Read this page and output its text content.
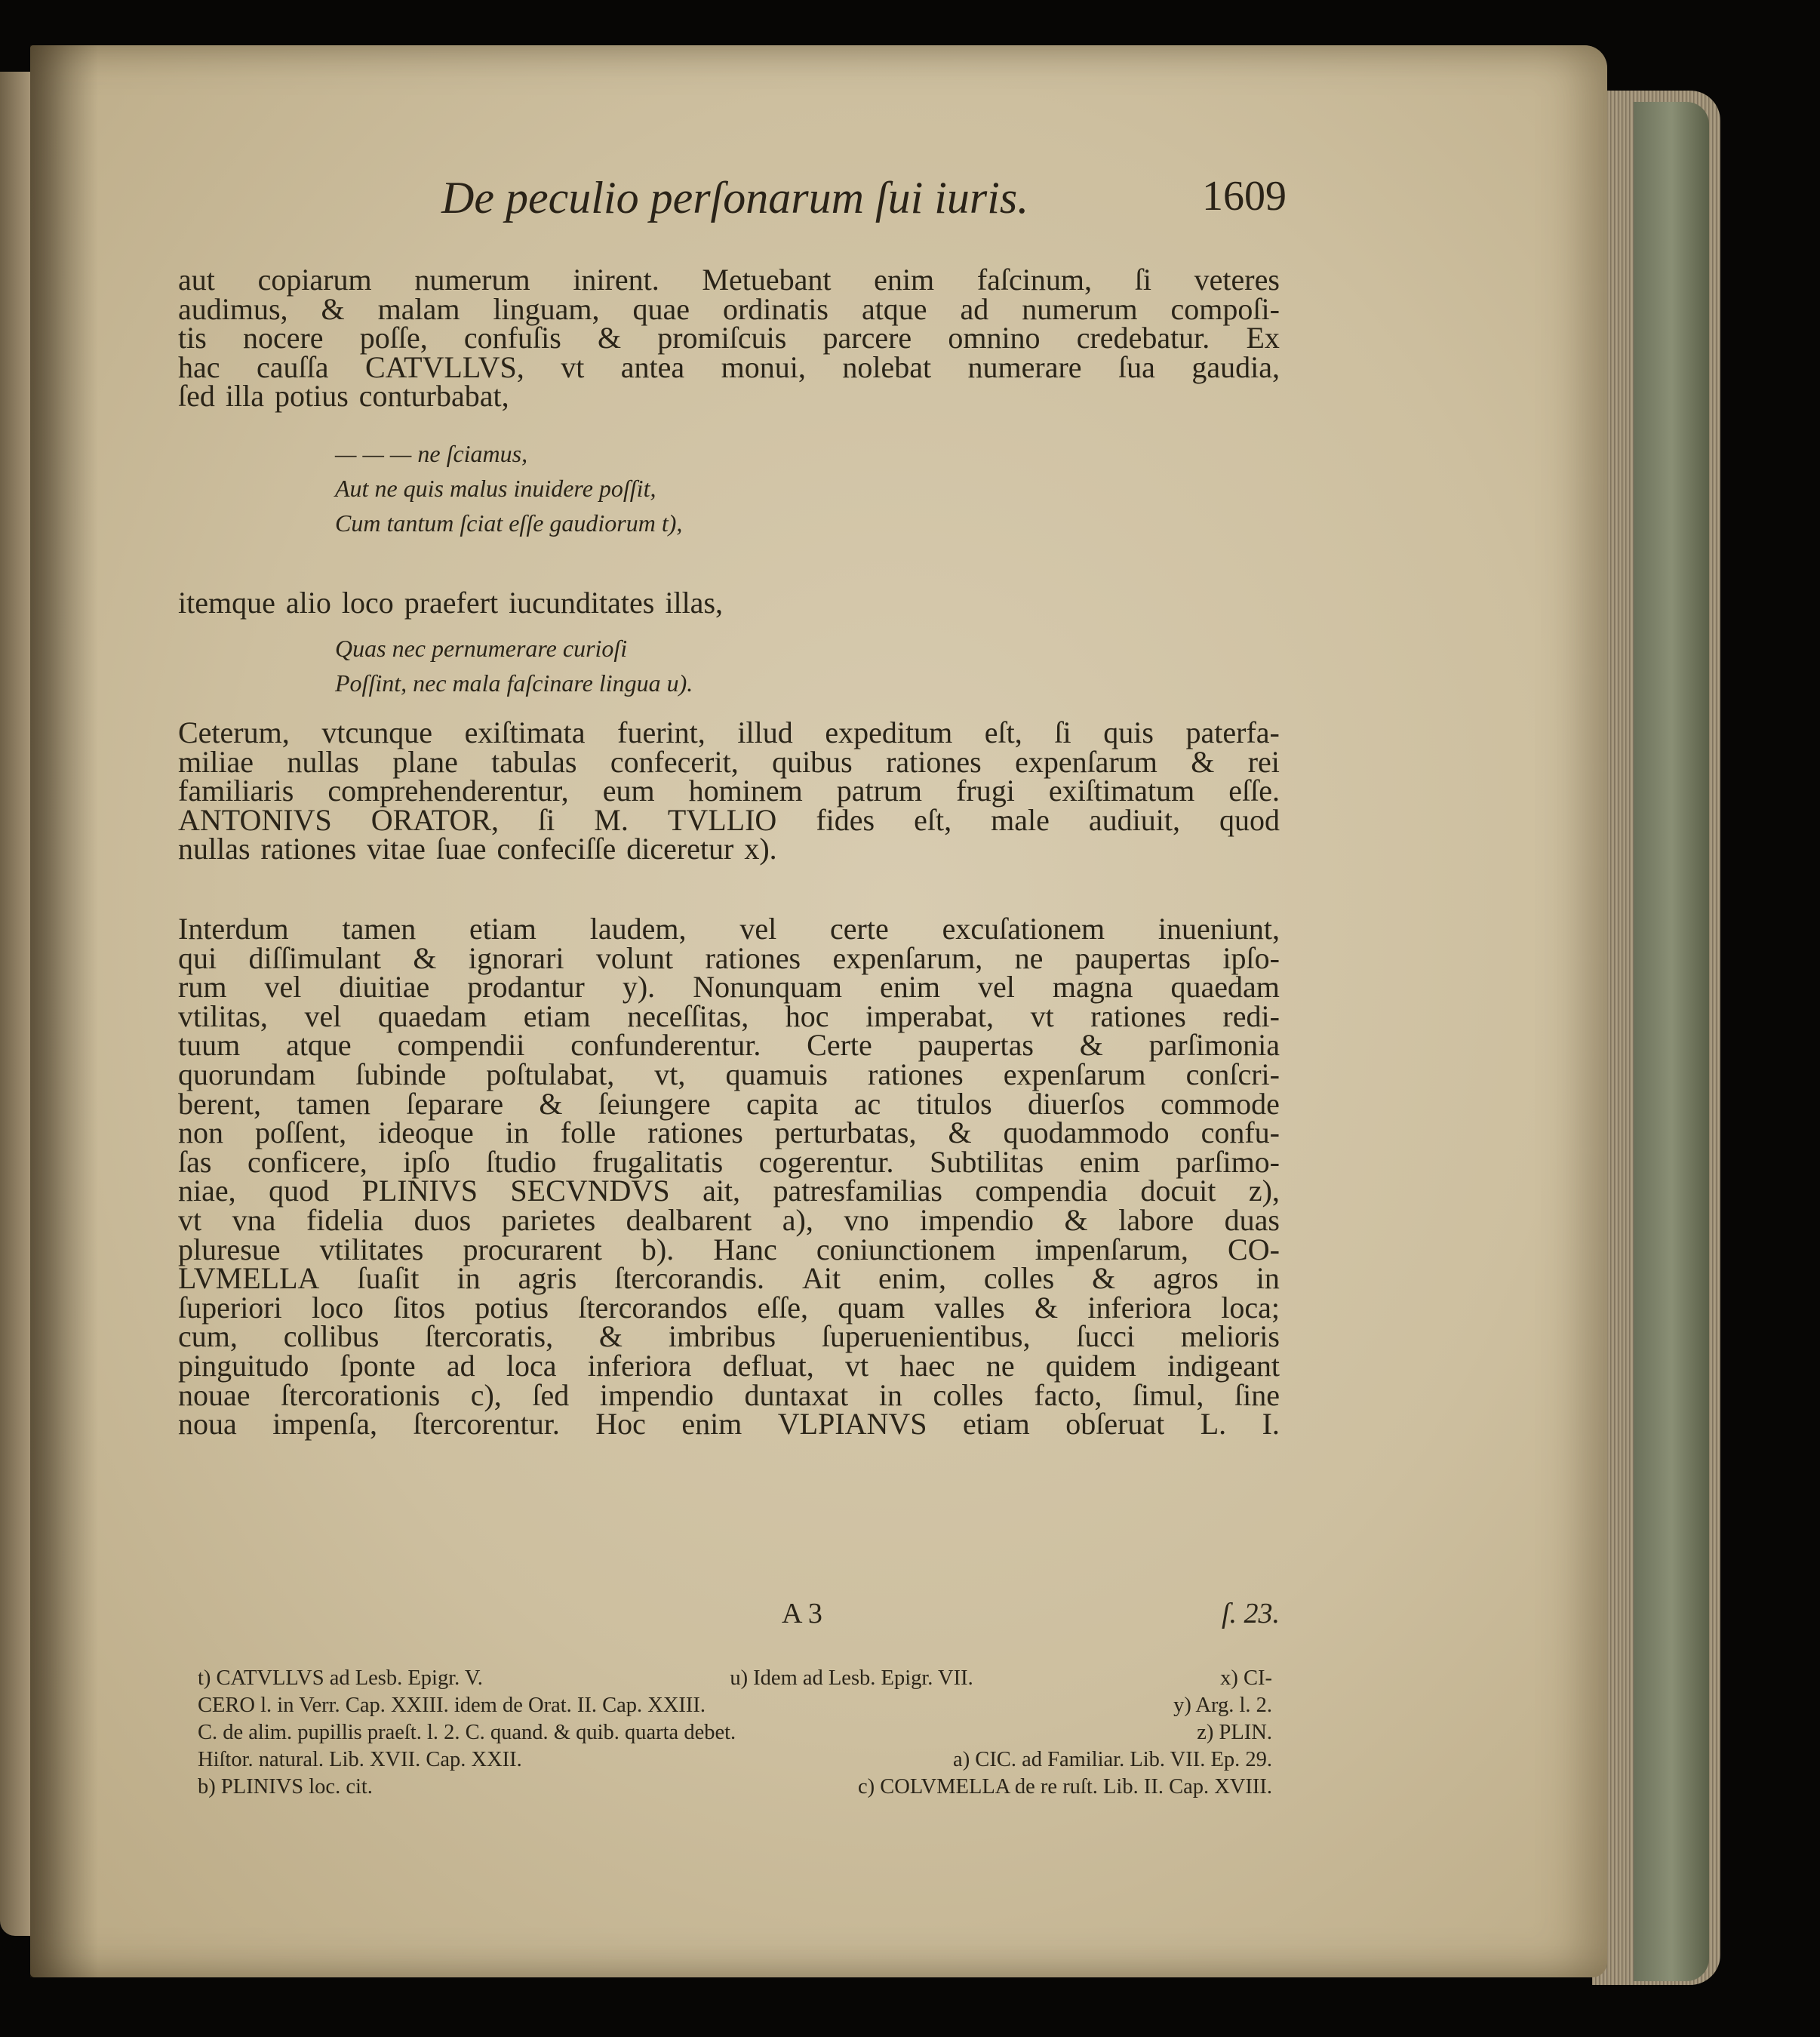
De peculio perſonarum ſui iuris.	1609
aut copiarum numerum inirent. Metuebant enim faſcinum, ſi veteres
audimus, & malam linguam, quae ordinatis atque ad numerum compoſi-
tis nocere poſſe, confuſis & promiſcuis parcere omnino credebatur. Ex
hac cauſſa CATVLLVS, vt antea monui, nolebat numerare ſua gaudia,
ſed illa potius conturbabat,
— — — ne ſciamus,
Aut ne quis malus inuidere poſſit,
Cum tantum ſciat eſſe gaudiorum t),
itemque alio loco praefert iucunditates illas,
Quas nec pernumerare curioſi
Poſſint, nec mala faſcinare lingua u).
Ceterum, vtcunque exiſtimata fuerint, illud expeditum eſt, ſi quis paterfa-
miliae nullas plane tabulas confecerit, quibus rationes expenſarum & rei
familiaris comprehenderentur, eum hominem patrum frugi exiſtimatum eſſe.
ANTONIVS ORATOR, ſi M. TVLLIO fides eſt, male audiuit, quod
nullas rationes vitae ſuae confeciſſe diceretur x).
Interdum tamen etiam laudem, vel certe excuſationem inueniunt,
qui diſſimulant & ignorari volunt rationes expenſarum, ne paupertas ipſo-
rum vel diuitiae prodantur y). Nonunquam enim vel magna quaedam
vtilitas, vel quaedam etiam neceſſitas, hoc imperabat, vt rationes redi-
tuum atque compendii confunderentur. Certe paupertas & parſimonia
quorundam ſubinde poſtulabat, vt, quamuis rationes expenſarum conſcri-
berent, tamen ſeparare & ſeiungere capita ac titulos diuerſos commode
non poſſent, ideoque in folle rationes perturbatas, & quodammodo confu-
ſas conficere, ipſo ſtudio frugalitatis cogerentur. Subtilitas enim parſimo-
niae, quod PLINIVS SECVNDVS ait, patresfamilias compendia docuit z),
vt vna fidelia duos parietes dealbarent a), vno impendio & labore duas
pluresue vtilitates procurarent b). Hanc coniunctionem impenſarum, CO-
LVMELLA ſuaſit in agris ſtercorandis. Ait enim, colles & agros in
ſuperiori loco ſitos potius ſtercorandos eſſe, quam valles & inferiora loca;
cum, collibus ſtercoratis, & imbribus ſuperuenientibus, ſucci melioris
pinguitudo ſponte ad loca inferiora defluat, vt haec ne quidem indigeant
nouae ſtercorationis c), ſed impendio duntaxat in colles facto, ſimul, ſine
noua impenſa, ſtercorentur. Hoc enim VLPIANVS etiam obſeruat L. I.
A 3	ſ. 23.
t) CATVLLVS ad Lesb. Epigr. V.	u) Idem ad Lesb. Epigr. VII.	x) CI-
CERO l. in Verr. Cap. XXIII. idem de Orat. II. Cap. XXIII.	y) Arg. l. 2.
C. de alim. pupillis praeſt. l. 2. C. quand. & quib. quarta debet.	z) PLIN.
Hiſtor. natural. Lib. XVII. Cap. XXII.	a) CIC. ad Familiar. Lib. VII. Ep. 29.
b) PLINIVS loc. cit.	c) COLVMELLA de re ruſt. Lib. II. Cap. XVIII.
